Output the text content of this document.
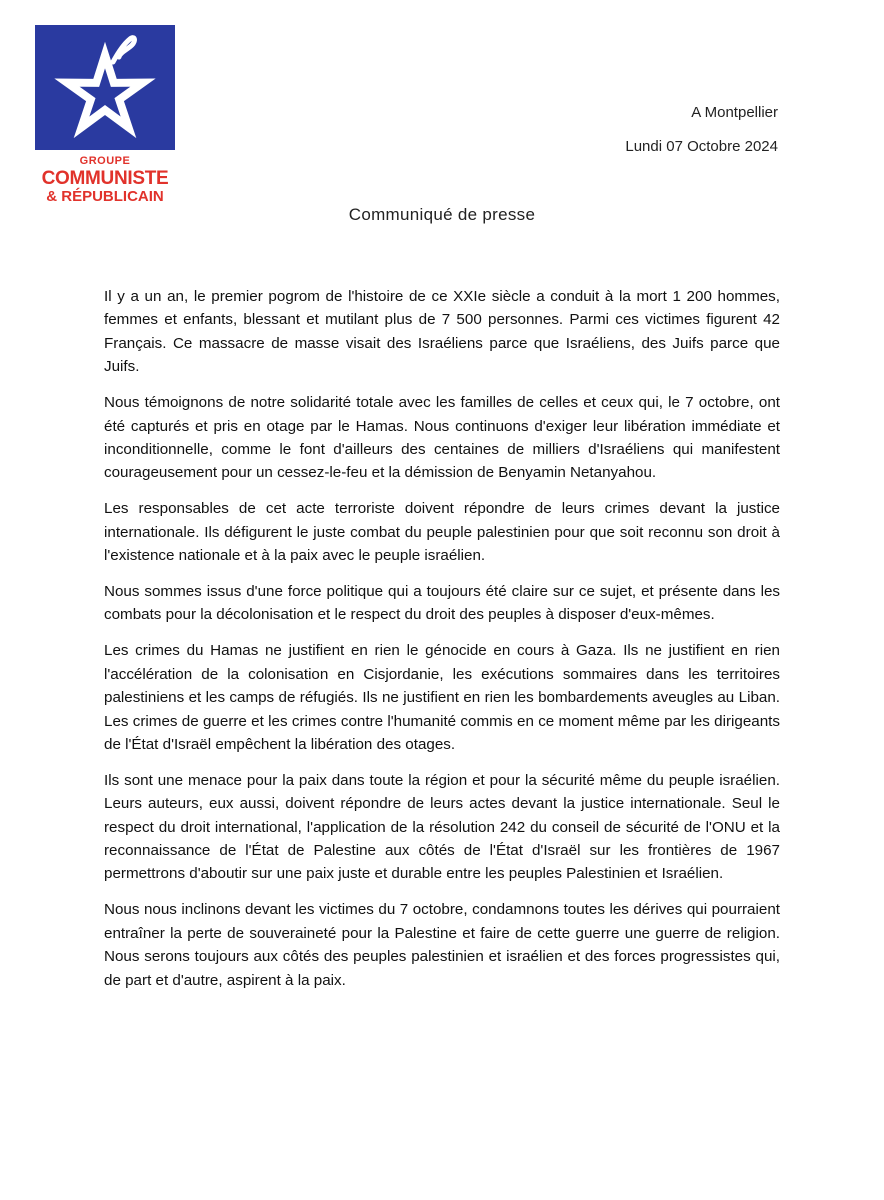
GROUPE
COMMUNISTE
& RÉPUBLICAIN
A Montpellier
Lundi 07 Octobre 2024
Communiqué de presse

Il y a un an, le premier pogrom de l'histoire de ce XXIe siècle a conduit à la mort 1 200 hommes, femmes et enfants, blessant et mutilant plus de 7 500 personnes. Parmi ces victimes figurent 42 Français. Ce massacre de masse visait des Israéliens parce que Israéliens, des Juifs parce que Juifs.

Nous témoignons de notre solidarité totale avec les familles de celles et ceux qui, le 7 octobre, ont été capturés et pris en otage par le Hamas. Nous continuons d'exiger leur libération immédiate et inconditionnelle, comme le font d'ailleurs des centaines de milliers d'Israéliens qui manifestent courageusement pour un cessez-le-feu et la démission de Benyamin Netanyahou.

Les responsables de cet acte terroriste doivent répondre de leurs crimes devant la justice internationale. Ils défigurent le juste combat du peuple palestinien pour que soit reconnu son droit à l'existence nationale et à la paix avec le peuple israélien.

Nous sommes issus d'une force politique qui a toujours été claire sur ce sujet, et présente dans les combats pour la décolonisation et le respect du droit des peuples à disposer d'eux-mêmes.

Les crimes du Hamas ne justifient en rien le génocide en cours à Gaza. Ils ne justifient en rien l'accélération de la colonisation en Cisjordanie, les exécutions sommaires dans les territoires palestiniens et les camps de réfugiés. Ils ne justifient en rien les bombardements aveugles au Liban. Les crimes de guerre et les crimes contre l'humanité commis en ce moment même par les dirigeants de l'État d'Israël empêchent la libération des otages.

Ils sont une menace pour la paix dans toute la région et pour la sécurité même du peuple israélien. Leurs auteurs, eux aussi, doivent répondre de leurs actes devant la justice internationale. Seul le respect du droit international, l'application de la résolution 242 du conseil de sécurité de l'ONU et la reconnaissance de l'État de Palestine aux côtés de l'État d'Israël sur les frontières de 1967 permettrons d'aboutir sur une paix juste et durable entre les peuples Palestinien et Israélien.

Nous nous inclinons devant les victimes du 7 octobre, condamnons toutes les dérives qui pourraient entraîner la perte de souveraineté pour la Palestine et faire de cette guerre une guerre de religion. Nous serons toujours aux côtés des peuples palestinien et israélien et des forces progressistes qui, de part et d'autre, aspirent à la paix.
